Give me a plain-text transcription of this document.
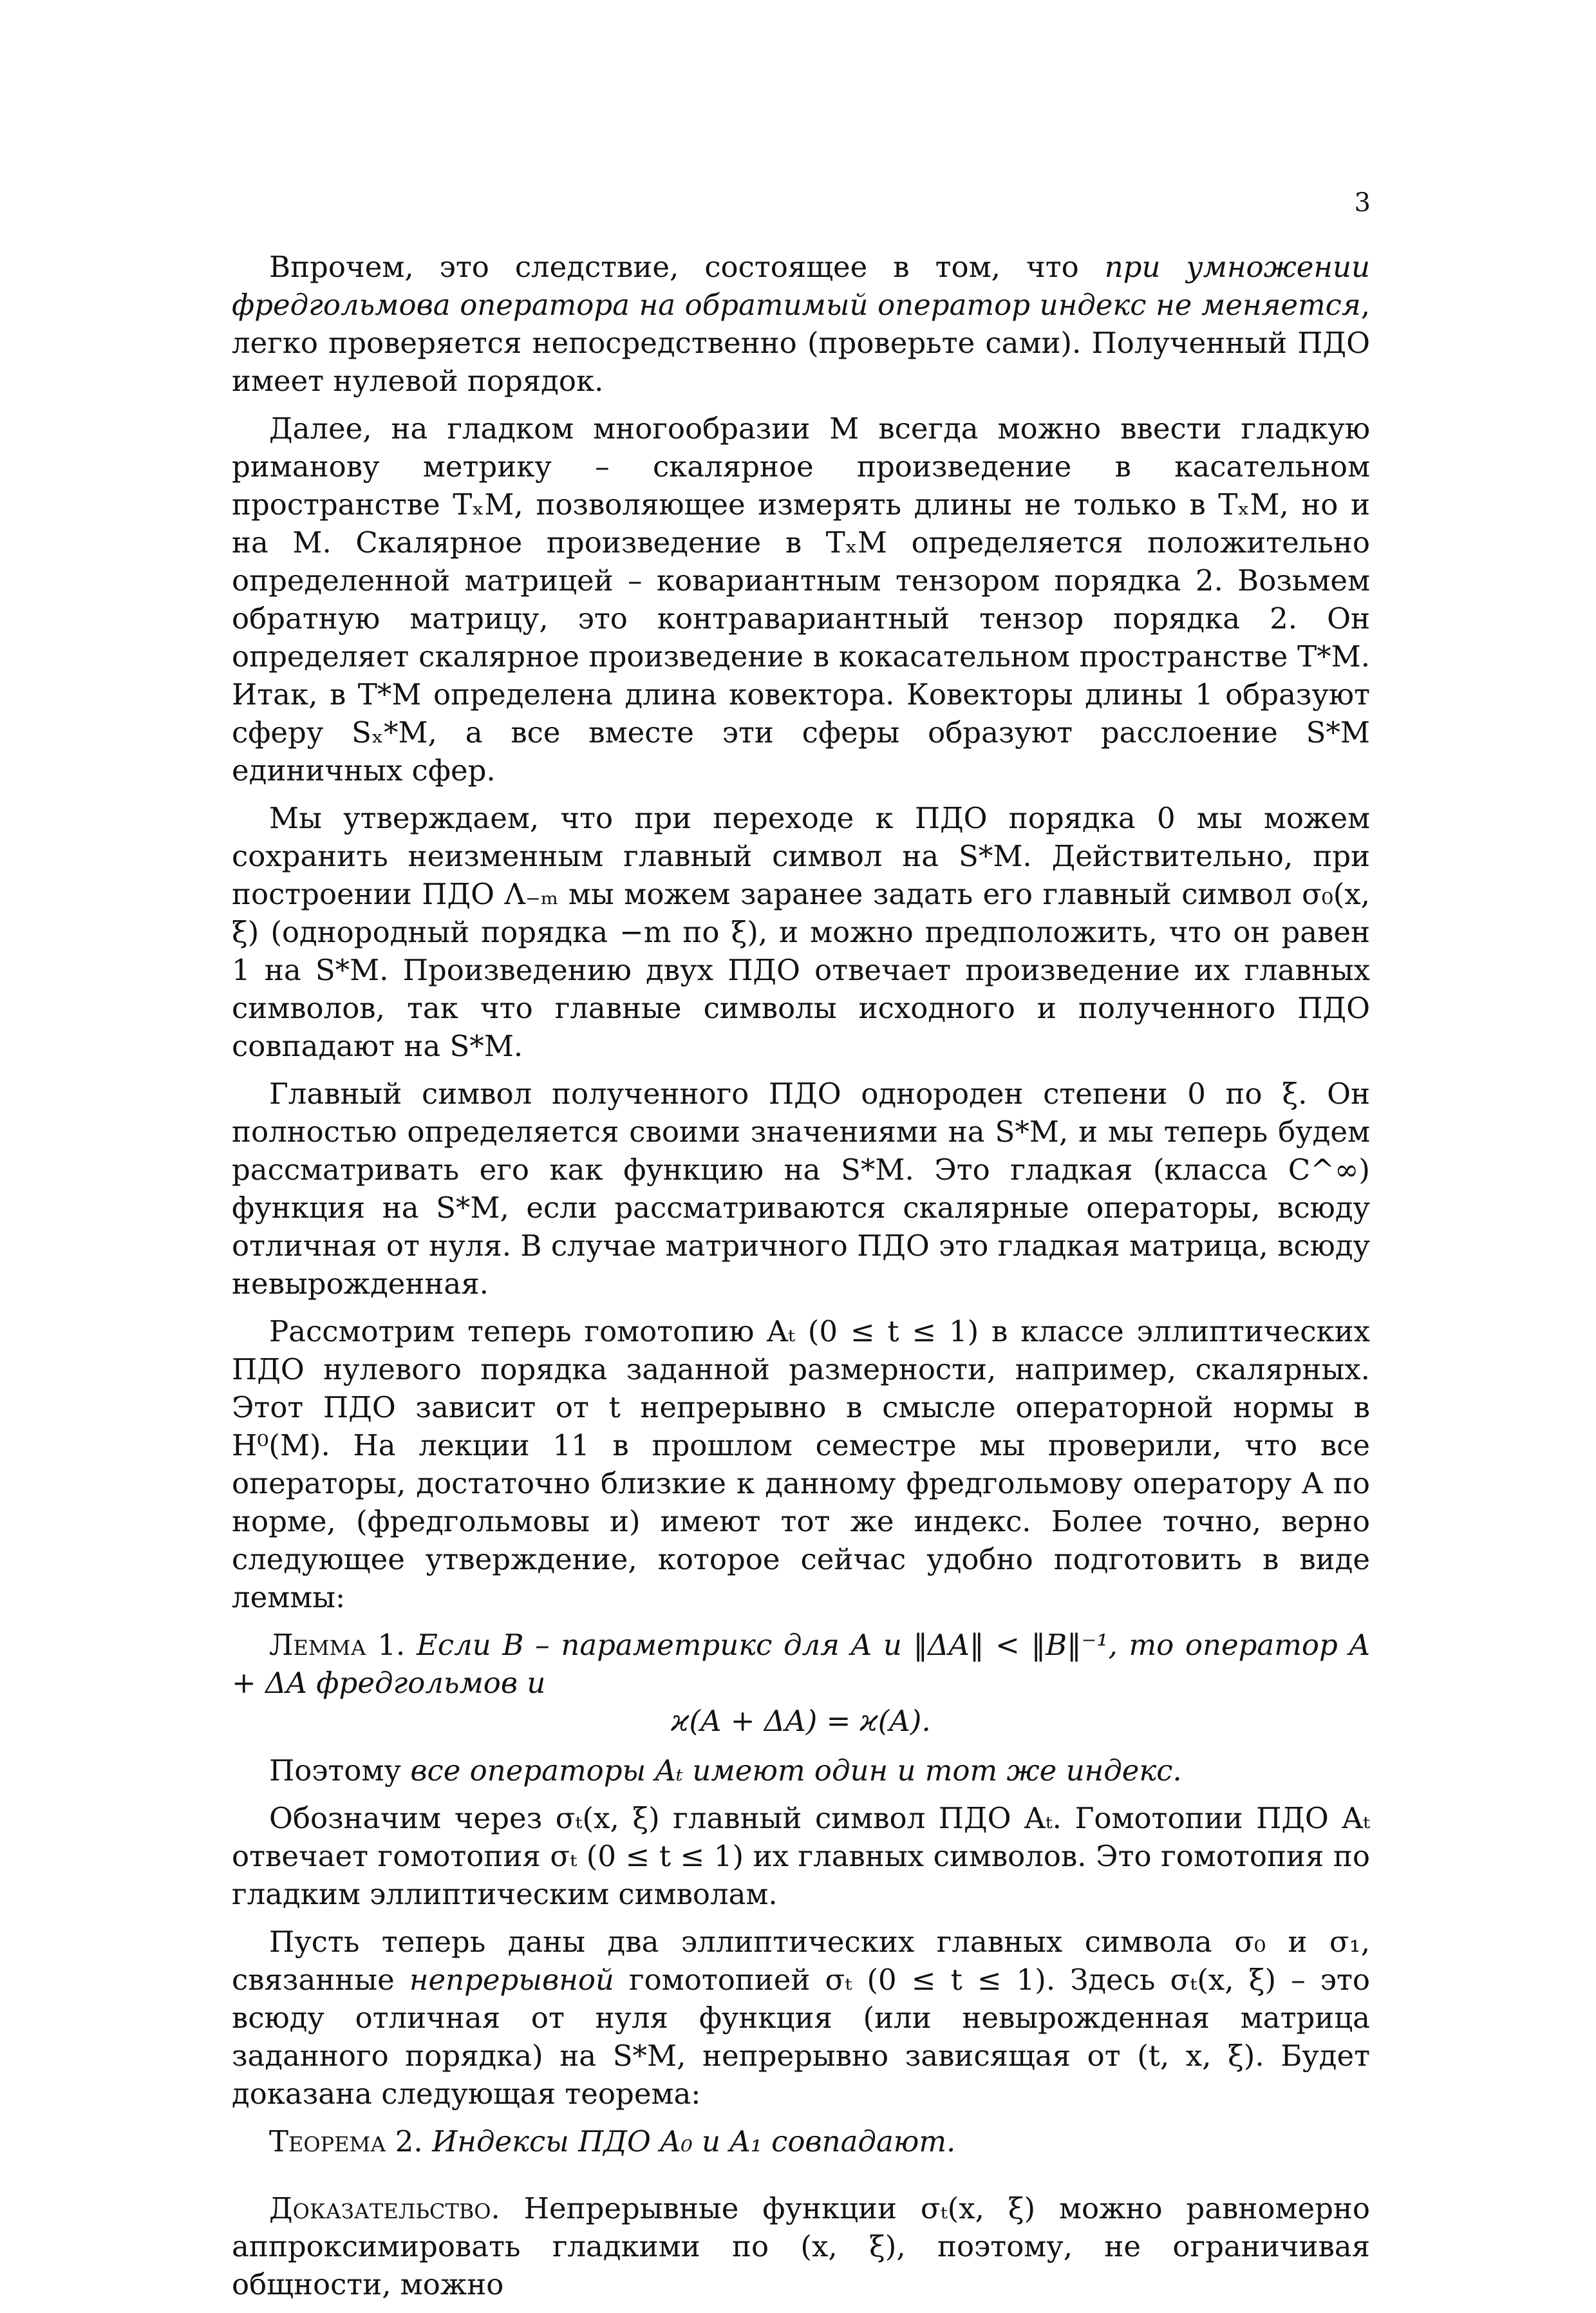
3

Впрочем, это следствие, состоящее в том, что при умножении фредгольмова оператора на обратимый оператор индекс не меняется, легко проверяется непосредственно (проверьте сами). Полученный ПДО имеет нулевой порядок.

Далее, на гладком многообразии M всегда можно ввести гладкую риманову метрику – скалярное произведение в касательном пространстве TₓM, позволяющее измерять длины не только в TₓM, но и на M. Скалярное произведение в TₓM определяется положительно определенной матрицей – ковариантным тензором порядка 2. Возьмем обратную матрицу, это контравариантный тензор порядка 2. Он определяет скалярное произведение в кокасательном пространстве T*M. Итак, в T*M определена длина ковектора. Ковекторы длины 1 образуют сферу Sₓ*M, а все вместе эти сферы образуют расслоение S*M единичных сфер.

Мы утверждаем, что при переходе к ПДО порядка 0 мы можем сохранить неизменным главный символ на S*M. Действительно, при построении ПДО Λ₋ₘ мы можем заранее задать его главный символ σ₀(x, ξ) (однородный порядка −m по ξ), и можно предположить, что он равен 1 на S*M. Произведению двух ПДО отвечает произведение их главных символов, так что главные символы исходного и полученного ПДО совпадают на S*M.

Главный символ полученного ПДО однороден степени 0 по ξ. Он полностью определяется своими значениями на S*M, и мы теперь будем рассматривать его как функцию на S*M. Это гладкая (класса C^∞) функция на S*M, если рассматриваются скалярные операторы, всюду отличная от нуля. В случае матричного ПДО это гладкая матрица, всюду невырожденная.

Рассмотрим теперь гомотопию Aₜ (0 ≤ t ≤ 1) в классе эллиптических ПДО нулевого порядка заданной размерности, например, скалярных. Этот ПДО зависит от t непрерывно в смысле операторной нормы в H⁰(M). На лекции 11 в прошлом семестре мы проверили, что все операторы, достаточно близкие к данному фредгольмову оператору A по норме, (фредгольмовы и) имеют тот же индекс. Более точно, верно следующее утверждение, которое сейчас удобно подготовить в виде леммы:

Лемма 1. Если B – параметрикс для A и ‖ΔA‖ < ‖B‖⁻¹, то оператор A + ΔA фредгольмов и

ϰ(A + ΔA) = ϰ(A).

Поэтому все операторы Aₜ имеют один и тот же индекс.

Обозначим через σₜ(x, ξ) главный символ ПДО Aₜ. Гомотопии ПДО Aₜ отвечает гомотопия σₜ (0 ≤ t ≤ 1) их главных символов. Это гомотопия по гладким эллиптическим символам.

Пусть теперь даны два эллиптических главных символа σ₀ и σ₁, связанные непрерывной гомотопией σₜ (0 ≤ t ≤ 1). Здесь σₜ(x, ξ) – это всюду отличная от нуля функция (или невырожденная матрица заданного порядка) на S*M, непрерывно зависящая от (t, x, ξ). Будет доказана следующая теорема:

Теорема 2. Индексы ПДО A₀ и A₁ совпадают.

Доказательство. Непрерывные функции σₜ(x, ξ) можно равномерно аппроксимировать гладкими по (x, ξ), поэтому, не ограничивая общности, можно
